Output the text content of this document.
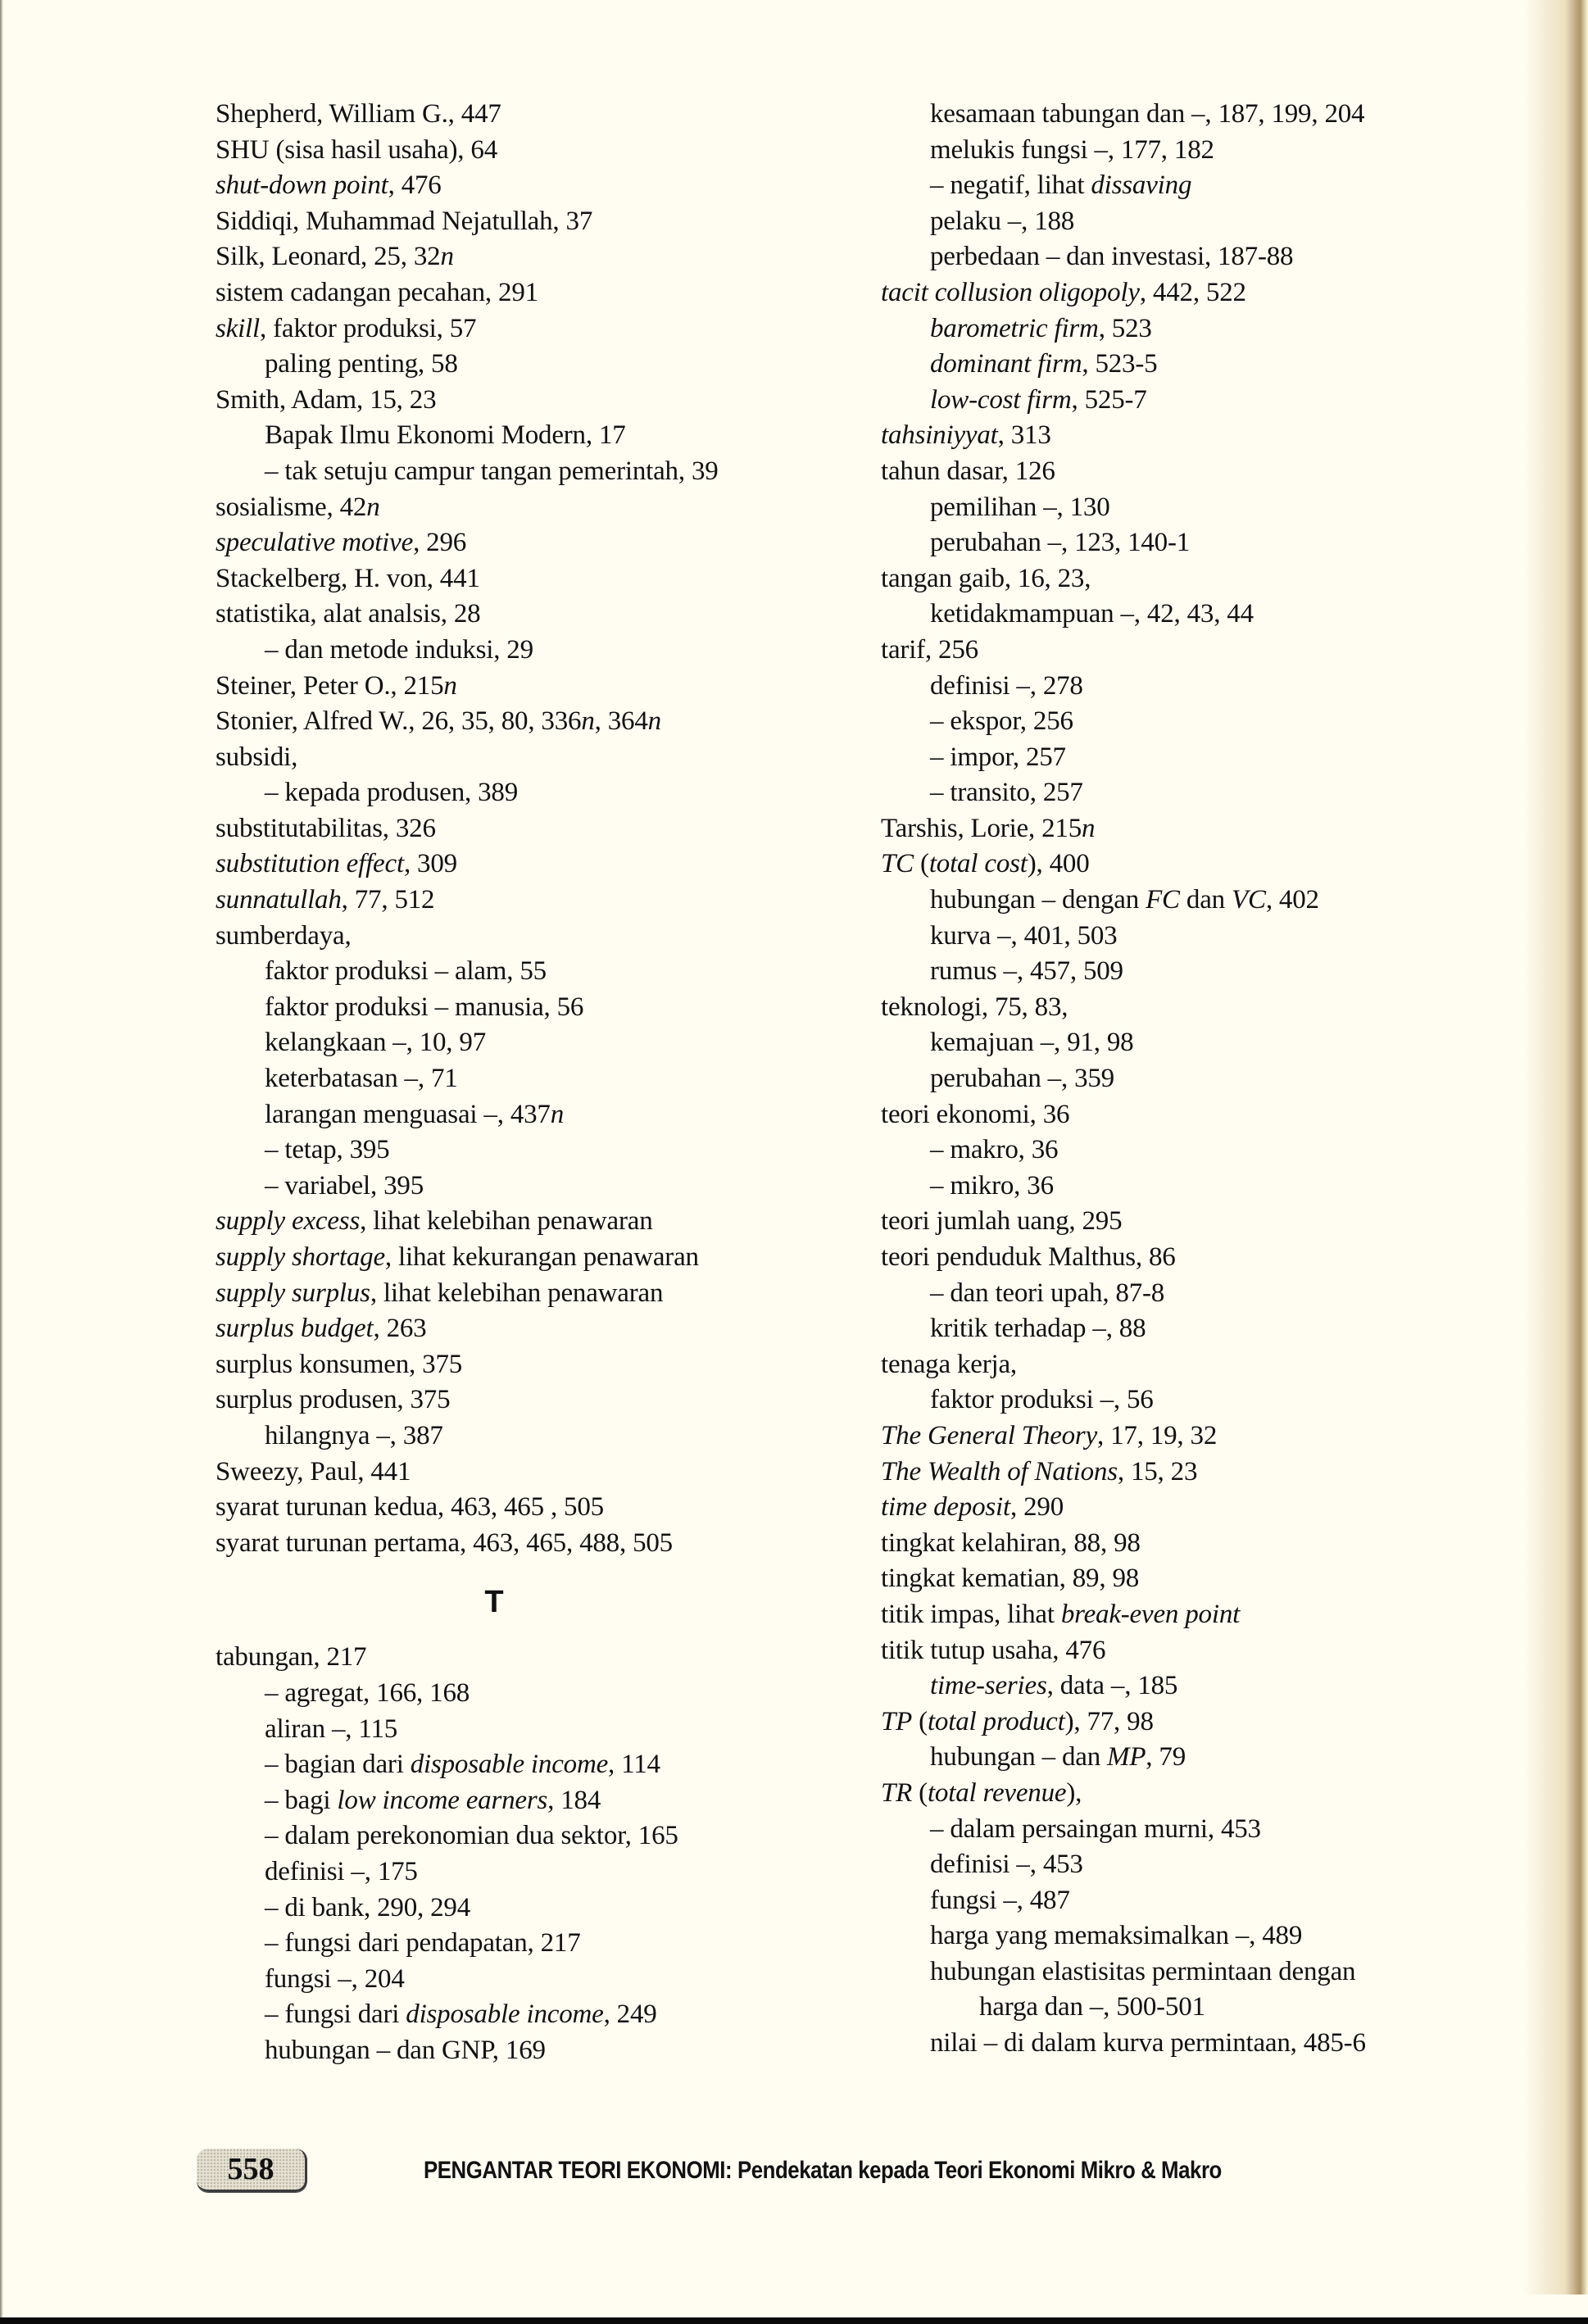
Shepherd, William G., 447
SHU (sisa hasil usaha), 64
shut-down point, 476
Siddiqi, Muhammad Nejatullah, 37
Silk, Leonard, 25, 32n
sistem cadangan pecahan, 291
skill, faktor produksi, 57
paling penting, 58
Smith, Adam, 15, 23
Bapak Ilmu Ekonomi Modern, 17
– tak setuju campur tangan pemerintah, 39
sosialisme, 42n
speculative motive, 296
Stackelberg, H. von, 441
statistika, alat analsis, 28
– dan metode induksi, 29
Steiner, Peter O., 215n
Stonier, Alfred W., 26, 35, 80, 336n, 364n
subsidi,
– kepada produsen, 389
substitutabilitas, 326
substitution effect, 309
sunnatullah, 77, 512
sumberdaya,
faktor produksi – alam, 55
faktor produksi – manusia, 56
kelangkaan –, 10, 97
keterbatasan –, 71
larangan menguasai –, 437n
– tetap, 395
– variabel, 395
supply excess, lihat kelebihan penawaran
supply shortage, lihat kekurangan penawaran
supply surplus, lihat kelebihan penawaran
surplus budget, 263
surplus konsumen, 375
surplus produsen, 375
hilangnya –, 387
Sweezy, Paul, 441
syarat turunan kedua, 463, 465 , 505
syarat turunan pertama, 463, 465, 488, 505
T
tabungan, 217
– agregat, 166, 168
aliran –, 115
– bagian dari disposable income, 114
– bagi low income earners, 184
– dalam perekonomian dua sektor, 165
definisi –, 175
– di bank, 290, 294
– fungsi dari pendapatan, 217
fungsi –, 204
– fungsi dari disposable income, 249
hubungan – dan GNP, 169
kesamaan tabungan dan –, 187, 199, 204
melukis fungsi –, 177, 182
– negatif, lihat dissaving
pelaku –, 188
perbedaan – dan investasi, 187-88
tacit collusion oligopoly, 442, 522
barometric firm, 523
dominant firm, 523-5
low-cost firm, 525-7
tahsiniyyat, 313
tahun dasar, 126
pemilihan –, 130
perubahan –, 123, 140-1
tangan gaib, 16, 23,
ketidakmampuan –, 42, 43, 44
tarif, 256
definisi –, 278
– ekspor, 256
– impor, 257
– transito, 257
Tarshis, Lorie, 215n
TC (total cost), 400
hubungan – dengan FC dan VC, 402
kurva –, 401, 503
rumus –, 457, 509
teknologi, 75, 83,
kemajuan –, 91, 98
perubahan –, 359
teori ekonomi, 36
– makro, 36
– mikro, 36
teori jumlah uang, 295
teori penduduk Malthus, 86
– dan teori upah, 87-8
kritik terhadap –, 88
tenaga kerja,
faktor produksi –, 56
The General Theory, 17, 19, 32
The Wealth of Nations, 15, 23
time deposit, 290
tingkat kelahiran, 88, 98
tingkat kematian, 89, 98
titik impas, lihat break-even point
titik tutup usaha, 476
time-series, data –, 185
TP (total product), 77, 98
hubungan – dan MP, 79
TR (total revenue),
– dalam persaingan murni, 453
definisi –, 453
fungsi –, 487
harga yang memaksimalkan –, 489
hubungan elastisitas permintaan dengan
harga dan –, 500-501
nilai – di dalam kurva permintaan, 485-6
558	PENGANTAR TEORI EKONOMI: Pendekatan kepada Teori Ekonomi Mikro & Makro
